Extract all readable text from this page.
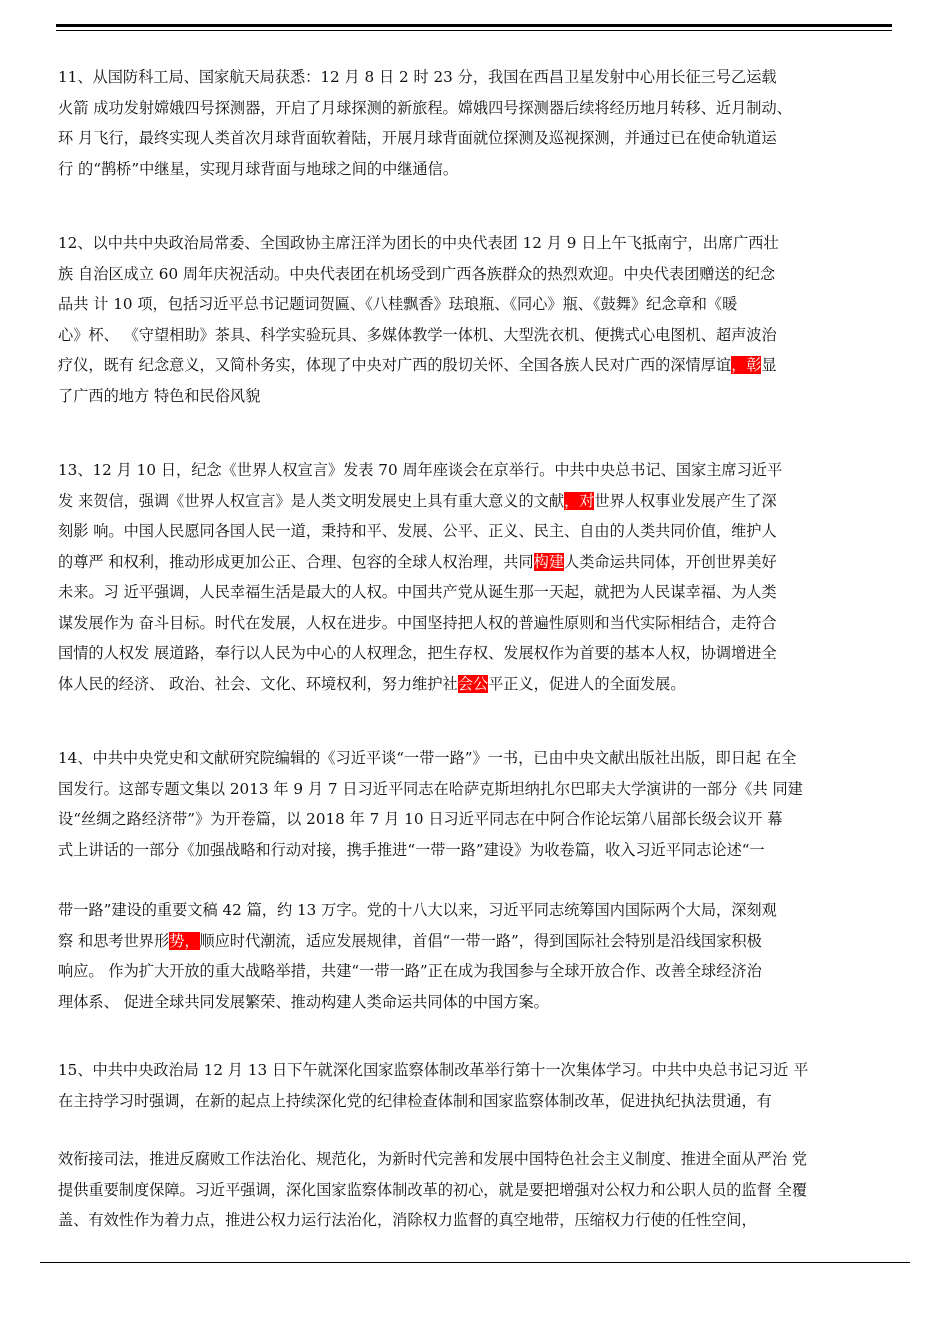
11、从国防科工局、国家航天局获悉：12 月 8 日 2 时 23 分，我国在西昌卫星发射中心用长征三号乙运载
火箭 成功发射嫦娥四号探测器，开启了月球探测的新旅程。嫦娥四号探测器后续将经历地月转移、近月制动、
环 月飞行，最终实现人类首次月球背面软着陆，开展月球背面就位探测及巡视探测，并通过已在使命轨道运
行 的“鹊桥”中继星，实现月球背面与地球之间的中继通信。
12、以中共中央政治局常委、全国政协主席汪洋为团长的中央代表团 12 月 9 日上午飞抵南宁，出席广西壮
族 自治区成立 60 周年庆祝活动。中央代表团在机场受到广西各族群众的热烈欢迎。中央代表团赠送的纪念
品共 计 10 项，包括习近平总书记题词贺匾、《八桂飘香》珐琅瓶、《同心》瓶、《鼓舞》纪念章和《暖
心》杯、 《守望相助》茶具、科学实验玩具、多媒体教学一体机、大型洗衣机、便携式心电图机、超声波治
疗仪，既有 纪念意义，又简朴务实，体现了中央对广西的殷切关怀、全国各族人民对广西的深情厚谊，彰显
了广西的地方 特色和民俗风貌
13、12 月 10 日，纪念《世界人权宣言》发表 70 周年座谈会在京举行。中共中央总书记、国家主席习近平
发 来贺信，强调《世界人权宣言》是人类文明发展史上具有重大意义的文献，对世界人权事业发展产生了深
刻影 响。中国人民愿同各国人民一道，秉持和平、发展、公平、正义、民主、自由的人类共同价值，维护人
的尊严 和权利，推动形成更加公正、合理、包容的全球人权治理，共同构建人类命运共同体，开创世界美好
未来。习 近平强调，人民幸福生活是最大的人权。中国共产党从诞生那一天起，就把为人民谋幸福、为人类
谋发展作为 奋斗目标。时代在发展，人权在进步。中国坚持把人权的普遍性原则和当代实际相结合，走符合
国情的人权发 展道路，奉行以人民为中心的人权理念，把生存权、发展权作为首要的基本人权，协调增进全
体人民的经济、 政治、社会、文化、环境权利，努力维护社会公平正义，促进人的全面发展。
14、中共中央党史和文献研究院编辑的《习近平谈“一带一路”》一书，已由中央文献出版社出版，即日起 在全
国发行。这部专题文集以 2013 年 9 月 7 日习近平同志在哈萨克斯坦纳扎尔巴耶夫大学演讲的一部分《共 同建
设“丝绸之路经济带”》为开卷篇，以 2018 年 7 月 10 日习近平同志在中阿合作论坛第八届部长级会议开 幕
式上讲话的一部分《加强战略和行动对接，携手推进“一带一路”建设》为收卷篇，收入习近平同志论述“一
带一路”建设的重要文稿 42 篇，约 13 万字。党的十八大以来，习近平同志统筹国内国际两个大局，深刻观
察 和思考世界形势，顺应时代潮流，适应发展规律，首倡“一带一路”，得到国际社会特别是沿线国家积极
响应。 作为扩大开放的重大战略举措，共建“一带一路”正在成为我国参与全球开放合作、改善全球经济治
理体系、 促进全球共同发展繁荣、推动构建人类命运共同体的中国方案。
15、中共中央政治局 12 月 13 日下午就深化国家监察体制改革举行第十一次集体学习。中共中央总书记习近 平
在主持学习时强调，在新的起点上持续深化党的纪律检查体制和国家监察体制改革，促进执纪执法贯通，有
效衔接司法，推进反腐败工作法治化、规范化，为新时代完善和发展中国特色社会主义制度、推进全面从严治 党
提供重要制度保障。习近平强调，深化国家监察体制改革的初心，就是要把增强对公权力和公职人员的监督 全覆
盖、有效性作为着力点，推进公权力运行法治化，消除权力监督的真空地带，压缩权力行使的任性空间，
